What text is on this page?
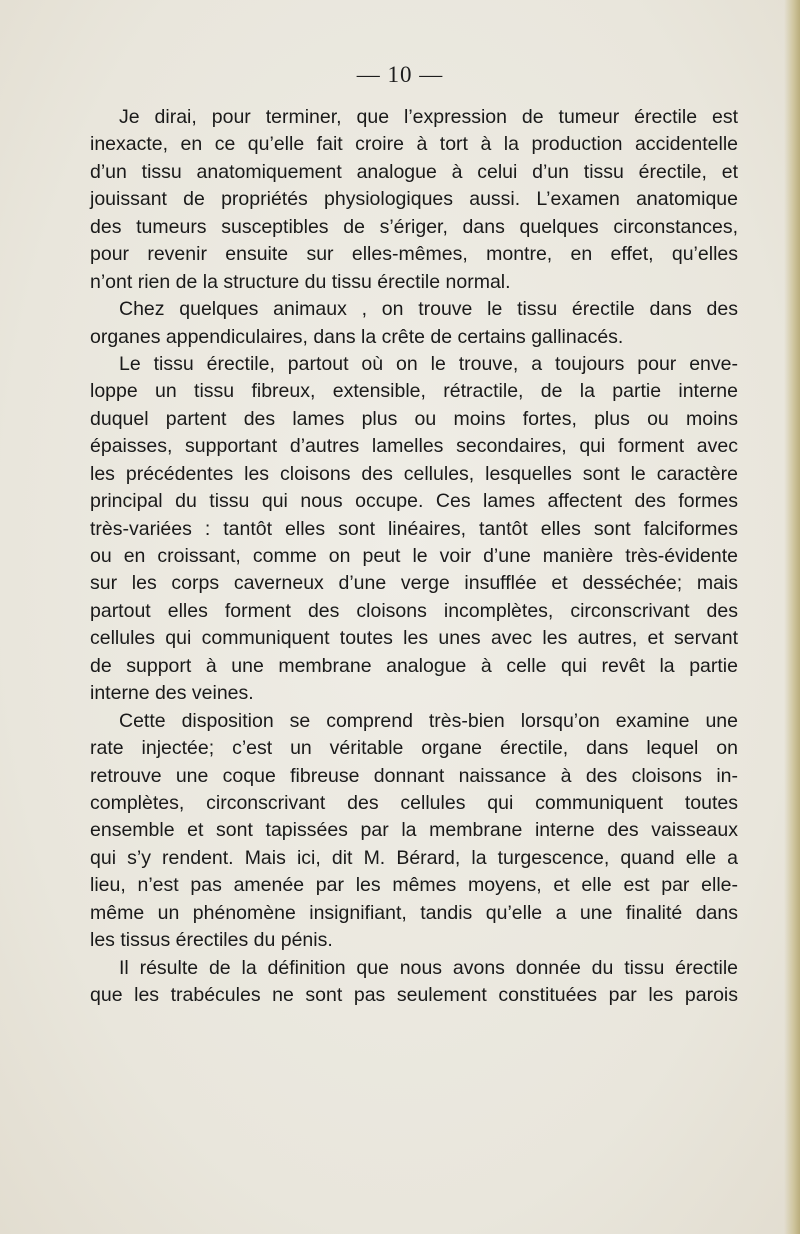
— 10 —
Je dirai, pour terminer, que l’expression de tumeur érectile est
inexacte, en ce qu’elle fait croire à tort à la production accidentelle
d’un tissu anatomiquement analogue à celui d’un tissu érectile, et
jouissant de propriétés physiologiques aussi. L’examen anatomique
des tumeurs susceptibles de s’ériger, dans quelques circonstances,
pour revenir ensuite sur elles-mêmes, montre, en effet, qu’elles
n’ont rien de la structure du tissu érectile normal.
Chez quelques animaux , on trouve le tissu érectile dans des
organes appendiculaires, dans la crête de certains gallinacés.
Le tissu érectile, partout où on le trouve, a toujours pour enve-
loppe un tissu fibreux, extensible, rétractile, de la partie interne
duquel partent des lames plus ou moins fortes, plus ou moins
épaisses, supportant d’autres lamelles secondaires, qui forment avec
les précédentes les cloisons des cellules, lesquelles sont le caractère
principal du tissu qui nous occupe. Ces lames affectent des formes
très-variées : tantôt elles sont linéaires, tantôt elles sont falciformes
ou en croissant, comme on peut le voir d’une manière très-évidente
sur les corps caverneux d’une verge insufflée et desséchée; mais
partout elles forment des cloisons incomplètes, circonscrivant des
cellules qui communiquent toutes les unes avec les autres, et servant
de support à une membrane analogue à celle qui revêt la partie
interne des veines.
Cette disposition se comprend très-bien lorsqu’on examine une
rate injectée; c’est un véritable organe érectile, dans lequel on
retrouve une coque fibreuse donnant naissance à des cloisons in-
complètes, circonscrivant des cellules qui communiquent toutes
ensemble et sont tapissées par la membrane interne des vaisseaux
qui s’y rendent. Mais ici, dit M. Bérard, la turgescence, quand elle a
lieu, n’est pas amenée par les mêmes moyens, et elle est par elle-
même un phénomène insignifiant, tandis qu’elle a une finalité dans
les tissus érectiles du pénis.
Il résulte de la définition que nous avons donnée du tissu érectile
que les trabécules ne sont pas seulement constituées par les parois
